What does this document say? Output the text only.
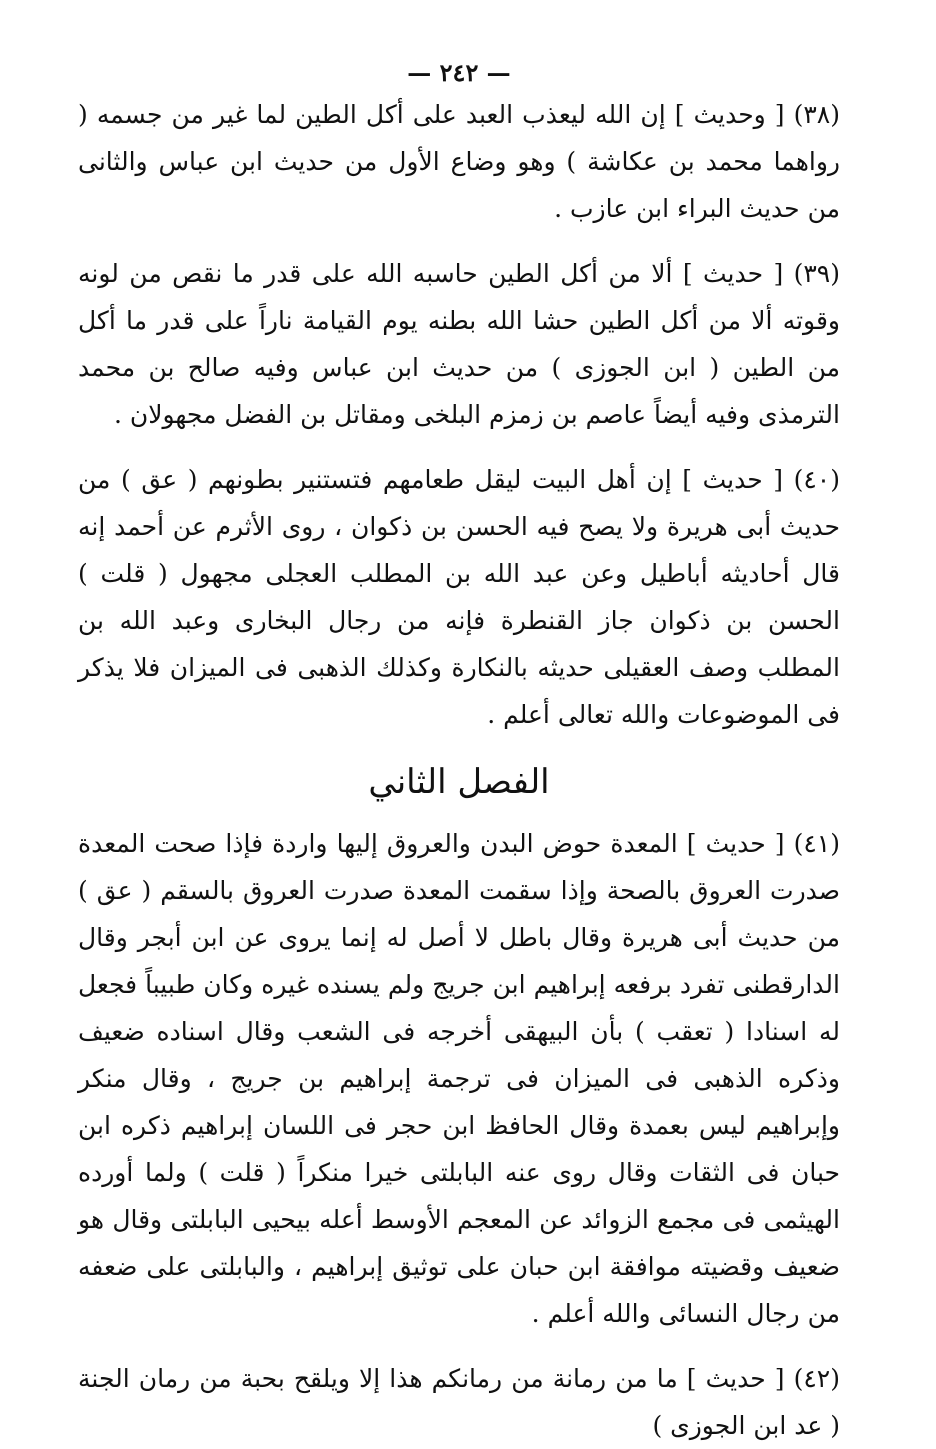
— ٢٤٢ —

(٣٨) [ وحديث ] إن الله ليعذب العبد على أكل الطين لما غير من جسمه ( رواهما محمد بن عكاشة ) وهو وضاع الأول من حديث ابن عباس والثانى من حديث البراء ابن عازب .

(٣٩) [ حديث ] ألا من أكل الطين حاسبه الله على قدر ما نقص من لونه وقوته ألا من أكل الطين حشا الله بطنه يوم القيامة ناراً على قدر ما أكل من الطين ( ابن الجوزى ) من حديث ابن عباس وفيه صالح بن محمد الترمذى وفيه أيضاً عاصم بن زمزم البلخى ومقاتل بن الفضل مجهولان .

(٤٠) [ حديث ] إن أهل البيت ليقل طعامهم فتستنير بطونهم ( عق ) من حديث أبى هريرة ولا يصح فيه الحسن بن ذكوان ، روى الأثرم عن أحمد إنه قال أحاديثه أباطيل وعن عبد الله بن المطلب العجلى مجهول ( قلت ) الحسن بن ذكوان جاز القنطرة فإنه من رجال البخارى وعبد الله بن المطلب وصف العقيلى حديثه بالنكارة وكذلك الذهبى فى الميزان فلا يذكر فى الموضوعات والله تعالى أعلم .

الفصل الثاني

(٤١) [ حديث ] المعدة حوض البدن والعروق إليها واردة فإذا صحت المعدة صدرت العروق بالصحة وإذا سقمت المعدة صدرت العروق بالسقم ( عق ) من حديث أبى هريرة وقال باطل لا أصل له إنما يروى عن ابن أبجر وقال الدارقطنى تفرد برفعه إبراهيم ابن جريج ولم يسنده غيره وكان طبيباً فجعل له اسنادا ( تعقب ) بأن البيهقى أخرجه فى الشعب وقال اسناده ضعيف وذكره الذهبى فى الميزان فى ترجمة إبراهيم بن جريج ، وقال منكر وإبراهيم ليس بعمدة وقال الحافظ ابن حجر فى اللسان إبراهيم ذكره ابن حبان فى الثقات وقال روى عنه البابلتى خيرا منكراً ( قلت ) ولما أورده الهيثمى فى مجمع الزوائد عن المعجم الأوسط أعله بيحيى البابلتى وقال هو ضعيف وقضيته موافقة ابن حبان على توثيق إبراهيم ، والبابلتى على ضعفه من رجال النسائى والله أعلم .

(٤٢) [ حديث ] ما من رمانة من رمانكم هذا إلا ويلقح بحبة من رمان الجنة ( عد ابن الجوزى )
